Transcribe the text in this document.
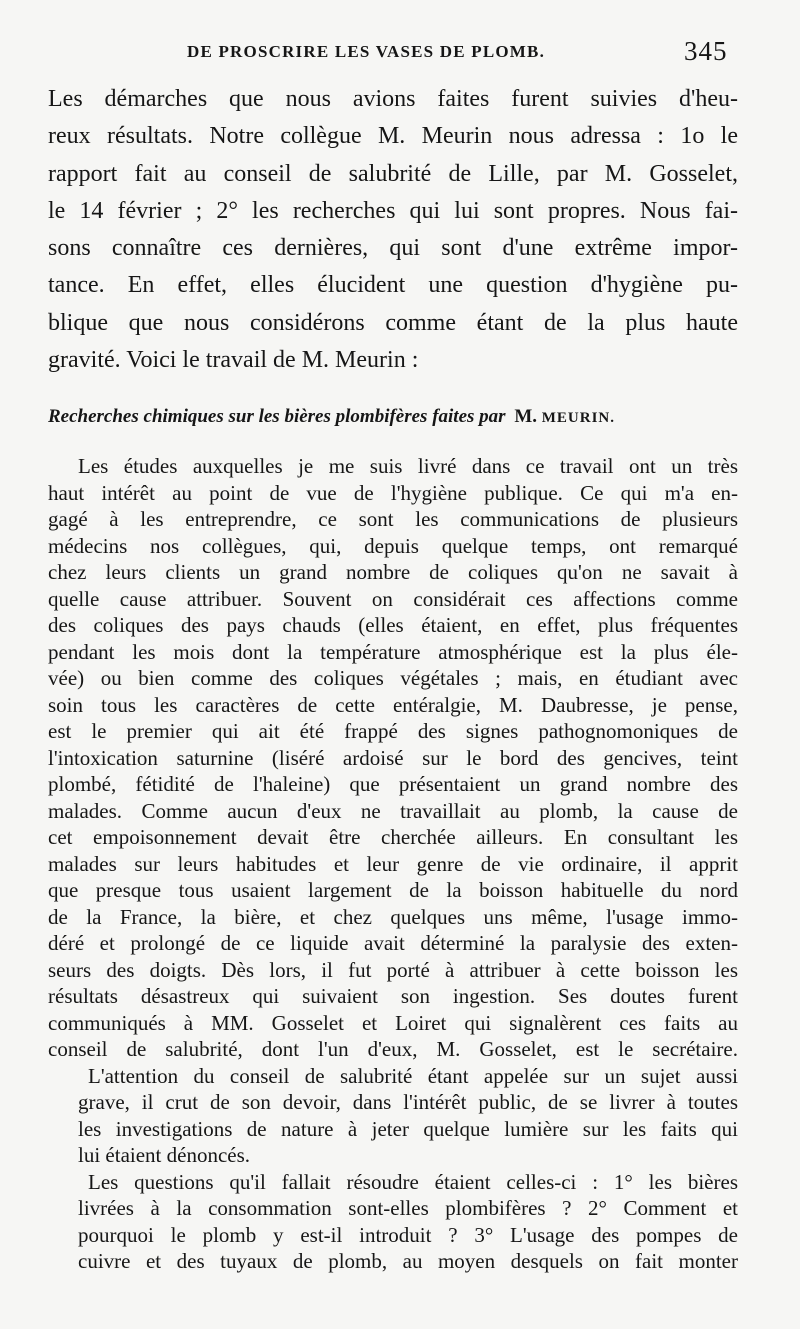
DE PROSCRIRE LES VASES DE PLOMB.	345
Les démarches que nous avions faites furent suivies d'heu-
reux résultats. Notre collègue M. Meurin nous adressa : 1o le
rapport fait au conseil de salubrité de Lille, par M. Gosselet,
le 14 février ; 2° les recherches qui lui sont propres. Nous fai-
sons connaître ces dernières, qui sont d'une extrême impor-
tance. En effet, elles élucident une question d'hygiène pu-
blique que nous considérons comme étant de la plus haute
gravité. Voici le travail de M. Meurin :
Recherches chimiques sur les bières plombifères faites par M. MEURIN.
Les études auxquelles je me suis livré dans ce travail ont un très
haut intérêt au point de vue de l'hygiène publique. Ce qui m'a en-
gagé à les entreprendre, ce sont les communications de plusieurs
médecins nos collègues, qui, depuis quelque temps, ont remarqué
chez leurs clients un grand nombre de coliques qu'on ne savait à
quelle cause attribuer. Souvent on considérait ces affections comme
des coliques des pays chauds (elles étaient, en effet, plus fréquentes
pendant les mois dont la température atmosphérique est la plus éle-
vée) ou bien comme des coliques végétales ; mais, en étudiant avec
soin tous les caractères de cette entéralgie, M. Daubresse, je pense,
est le premier qui ait été frappé des signes pathognomoniques de
l'intoxication saturnine (liséré ardoisé sur le bord des gencives, teint
plombé, fétidité de l'haleine) que présentaient un grand nombre des
malades. Comme aucun d'eux ne travaillait au plomb, la cause de
cet empoisonnement devait être cherchée ailleurs. En consultant les
malades sur leurs habitudes et leur genre de vie ordinaire, il apprit
que presque tous usaient largement de la boisson habituelle du nord
de la France, la bière, et chez quelques uns même, l'usage immo-
déré et prolongé de ce liquide avait déterminé la paralysie des exten-
seurs des doigts. Dès lors, il fut porté à attribuer à cette boisson les
résultats désastreux qui suivaient son ingestion. Ses doutes furent
communiqués à MM. Gosselet et Loiret qui signalèrent ces faits au
conseil de salubrité, dont l'un d'eux, M. Gosselet, est le secrétaire.
L'attention du conseil de salubrité étant appelée sur un sujet aussi
grave, il crut de son devoir, dans l'intérêt public, de se livrer à toutes
les investigations de nature à jeter quelque lumière sur les faits qui
lui étaient dénoncés.
Les questions qu'il fallait résoudre étaient celles-ci : 1° les bières
livrées à la consommation sont-elles plombifères ? 2° Comment et
pourquoi le plomb y est-il introduit ? 3° L'usage des pompes de
cuivre et des tuyaux de plomb, au moyen desquels on fait monter
